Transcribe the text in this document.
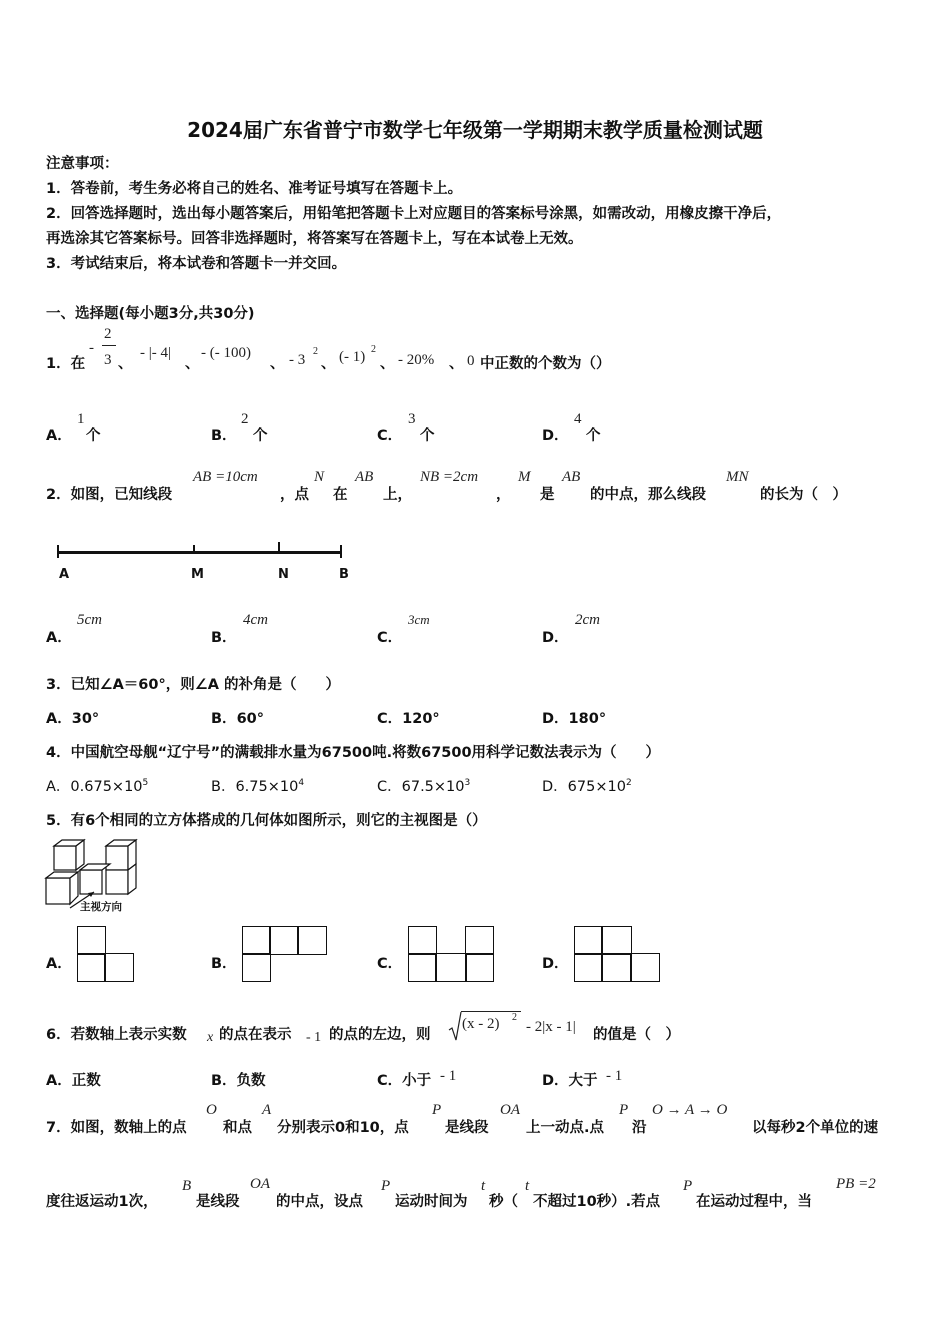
2024届广东省普宁市数学七年级第一学期期末教学质量检测试题
注意事项：
1．答卷前，考生务必将自己的姓名、准考证号填写在答题卡上。
2．回答选择题时，选出每小题答案后，用铅笔把答题卡上对应题目的答案标号涂黑，如需改动，用橡皮擦干净后，
再选涂其它答案标号。回答非选择题时，将答案写在答题卡上，写在本试卷上无效。
3．考试结束后，将本试卷和答题卡一并交回。
一、选择题(每小题3分,共30分)
1．在
-
2
3 、
- |- 4|
、
- (- 100)
、 - 3
2
、 (- 1) 2
、 - 20% 、 0 中正数的个数为（）
A．
1
个	B．
2
个	C．
3
个	D．
4
个
2．如图，已知线段
AB =10cm
，点
N
在
AB
上，
NB =2cm
，
M
是
AB
的中点，那么线段
MN
的长为（　）
A	M	N	B
A．
5cm
B．
4cm
C．
3cm
D．
2cm
3．已知∠A＝60°，则∠A 的补角是（　　）
A．30°	B．60°	C．120°	D．180°
4．中国航空母舰“辽宁号”的满载排水量为67500吨.将数67500用科学记数法表示为（　　）
A．$0.675\times 10^5$	B．$6.75\times 10^4$	C．$67.5\times 10^3$	D．$675\times 10^2$
5．有6个相同的立方体搭成的几何体如图所示，则它的主视图是（）
主视方向
A．	B．	C．	D．
6．若数轴上表示实数 x 的点在表示 - 1 的点的左边，则
(x - 2) 2
- 2|x - 1| 的值是（　）
A．正数	B．负数	C．小于 - 1	D．大于 - 1
7．如图，数轴上的点
O
和点
A
分别表示0和10，点
P
是线段
OA
上一动点.点
P
沿
O → A → O
以每秒2个单位的速
度往返运动1次，
B
是线段
OA
的中点，设点
P
运动时间为
t
秒（
t
不超过10秒）.若点
P
在运动过程中，当
PB =2
